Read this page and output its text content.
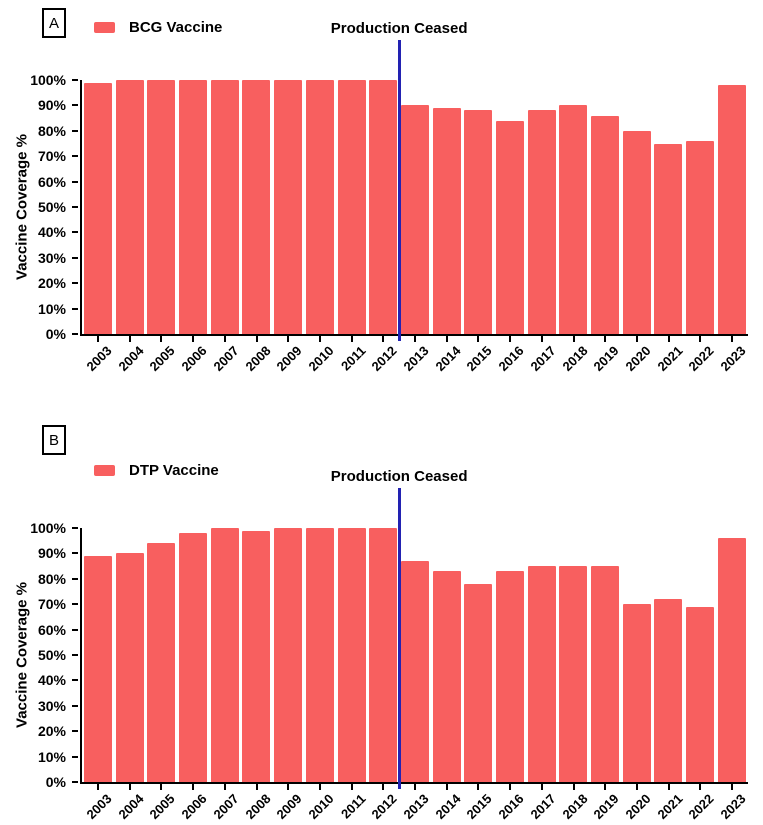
A	BCG Vaccine
Vaccine Coverage %
0%
10%
20%
30%
40%
50%
60%
70%
80%
90%
100%
Production Ceased
2003 2004 2005 2006 2007 2008 2009 2010 2011 2012 2013 2014 2015 2016 2017 2018 2019 2020 2021 2022 2023
B
DTP Vaccine
Vaccine Coverage %
0%
10%
20%
30%
40%
50%
60%
70%
80%
90%
100%
Production Ceased
2003 2004 2005 2006 2007 2008 2009 2010 2011 2012 2013 2014 2015 2016 2017 2018 2019 2020 2021 2022 2023
